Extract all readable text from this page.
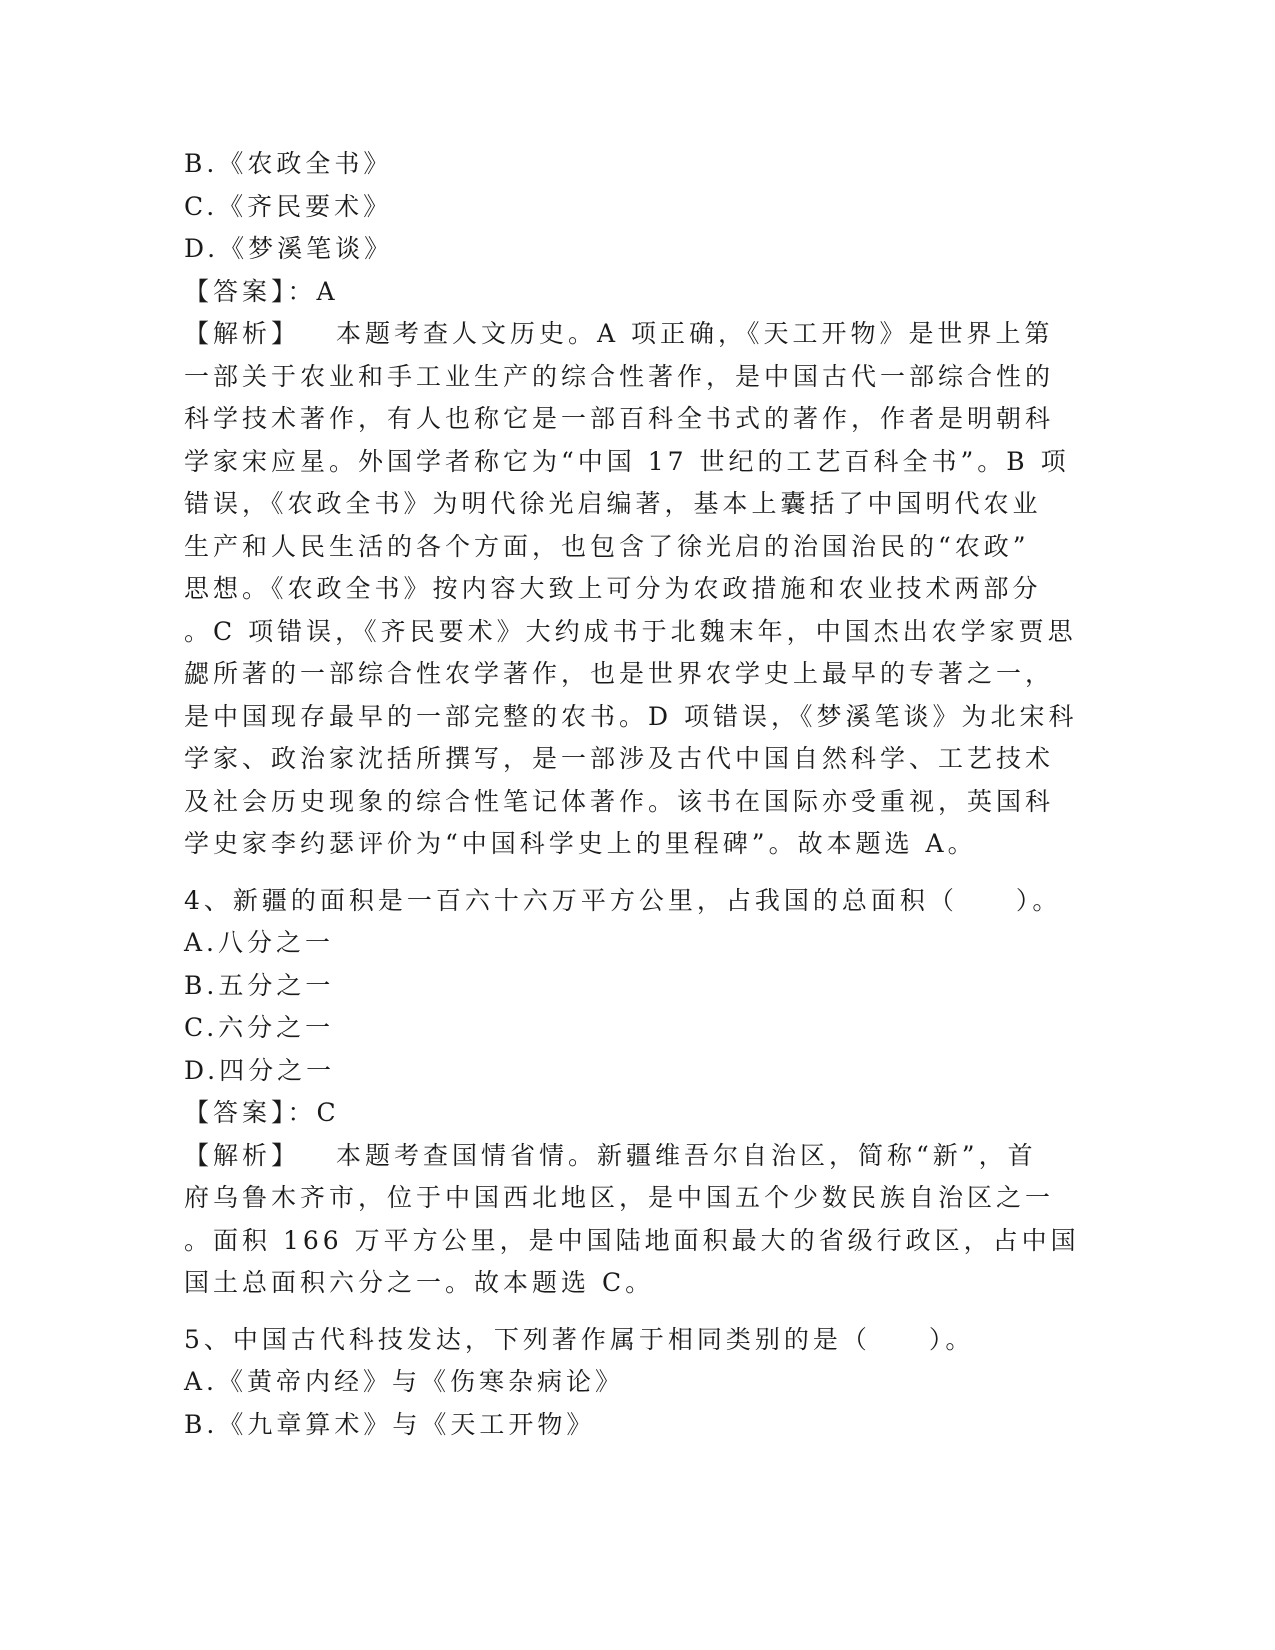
B.《农政全书》
C.《齐民要术》
D.《梦溪笔谈》
【答案】：A
【解析】 本题考查人文历史。A 项正确，《天工开物》是世界上第
一部关于农业和手工业生产的综合性著作，是中国古代一部综合性的
科学技术著作，有人也称它是一部百科全书式的著作，作者是明朝科
学家宋应星。外国学者称它为“中国 17 世纪的工艺百科全书”。B 项
错误，《农政全书》为明代徐光启编著，基本上囊括了中国明代农业
生产和人民生活的各个方面，也包含了徐光启的治国治民的“农政”
思想。《农政全书》按内容大致上可分为农政措施和农业技术两部分
。C 项错误，《齐民要术》大约成书于北魏末年，中国杰出农学家贾思
勰所著的一部综合性农学著作，也是世界农学史上最早的专著之一，
是中国现存最早的一部完整的农书。D 项错误，《梦溪笔谈》为北宋科
学家、政治家沈括所撰写，是一部涉及古代中国自然科学、工艺技术
及社会历史现象的综合性笔记体著作。该书在国际亦受重视，英国科
学史家李约瑟评价为“中国科学史上的里程碑”。故本题选 A。
4、新疆的面积是一百六十六万平方公里，占我国的总面积（　　）。
A.八分之一
B.五分之一
C.六分之一
D.四分之一
【答案】：C
【解析】 本题考查国情省情。新疆维吾尔自治区，简称“新”，首
府乌鲁木齐市，位于中国西北地区，是中国五个少数民族自治区之一
。面积 166 万平方公里，是中国陆地面积最大的省级行政区，占中国
国土总面积六分之一。故本题选 C。
5、中国古代科技发达，下列著作属于相同类别的是（　　）。
A.《黄帝内经》与《伤寒杂病论》
B.《九章算术》与《天工开物》
